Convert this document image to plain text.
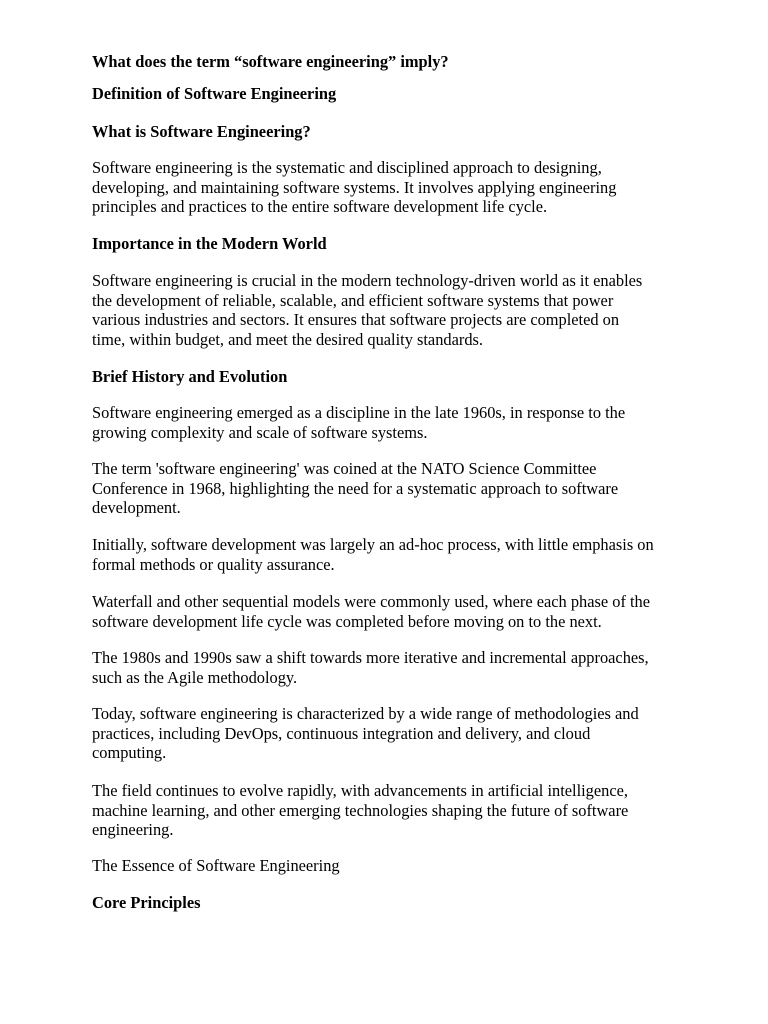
What does the term “software engineering” imply?

Definition of Software Engineering

What is Software Engineering?

Software engineering is the systematic and disciplined approach to designing,
developing, and maintaining software systems. It involves applying engineering
principles and practices to the entire software development life cycle.

Importance in the Modern World

Software engineering is crucial in the modern technology-driven world as it enables
the development of reliable, scalable, and efficient software systems that power
various industries and sectors. It ensures that software projects are completed on
time, within budget, and meet the desired quality standards.

Brief History and Evolution

Software engineering emerged as a discipline in the late 1960s, in response to the
growing complexity and scale of software systems.

The term 'software engineering' was coined at the NATO Science Committee
Conference in 1968, highlighting the need for a systematic approach to software
development.

Initially, software development was largely an ad-hoc process, with little emphasis on
formal methods or quality assurance.

Waterfall and other sequential models were commonly used, where each phase of the
software development life cycle was completed before moving on to the next.

The 1980s and 1990s saw a shift towards more iterative and incremental approaches,
such as the Agile methodology.

Today, software engineering is characterized by a wide range of methodologies and
practices, including DevOps, continuous integration and delivery, and cloud
computing.

The field continues to evolve rapidly, with advancements in artificial intelligence,
machine learning, and other emerging technologies shaping the future of software
engineering.

The Essence of Software Engineering

Core Principles
